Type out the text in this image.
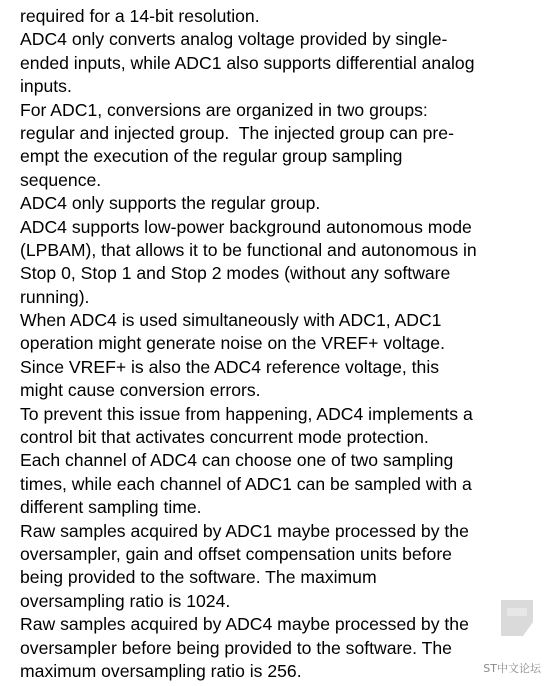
required for a 14-bit resolution.
ADC4 only converts analog voltage provided by single-
ended inputs, while ADC1 also supports differential analog
inputs.
For ADC1, conversions are organized in two groups:
regular and injected group.  The injected group can pre-
empt the execution of the regular group sampling
sequence.
ADC4 only supports the regular group.
ADC4 supports low-power background autonomous mode
(LPBAM), that allows it to be functional and autonomous in
Stop 0, Stop 1 and Stop 2 modes (without any software
running).
When ADC4 is used simultaneously with ADC1, ADC1
operation might generate noise on the VREF+ voltage.
Since VREF+ is also the ADC4 reference voltage, this
might cause conversion errors.
To prevent this issue from happening, ADC4 implements a
control bit that activates concurrent mode protection.
Each channel of ADC4 can choose one of two sampling
times, while each channel of ADC1 can be sampled with a
different sampling time.
Raw samples acquired by ADC1 maybe processed by the
oversampler, gain and offset compensation units before
being provided to the software. The maximum
oversampling ratio is 1024.
Raw samples acquired by ADC4 maybe processed by the
oversampler before being provided to the software. The
maximum oversampling ratio is 256.	ST中文论坛
